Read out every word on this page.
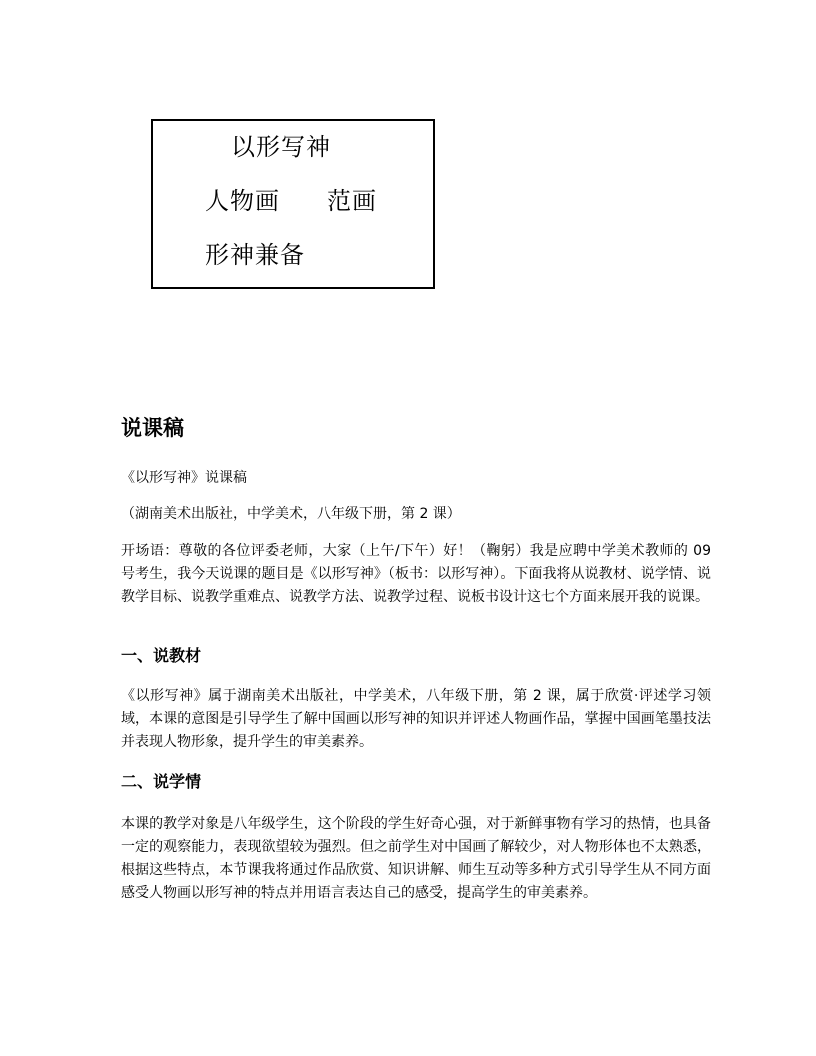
以形写神
人物画 范画
形神兼备
说课稿

《以形写神》说课稿

（湖南美术出版社，中学美术，八年级下册，第 2 课）

开场语：尊敬的各位评委老师，大家（上午/下午）好！（鞠躬）我是应聘中学美术教师的 09 号考生，我今天说课的题目是《以形写神》（板书：以形写神）。下面我将从说教材、说学情、说教学目标、说教学重难点、说教学方法、说教学过程、说板书设计这七个方面来展开我的说课。

一、说教材

《以形写神》属于湖南美术出版社，中学美术，八年级下册，第 2 课，属于欣赏·评述学习领域，本课的意图是引导学生了解中国画以形写神的知识并评述人物画作品，掌握中国画笔墨技法并表现人物形象，提升学生的审美素养。

二、说学情

本课的教学对象是八年级学生，这个阶段的学生好奇心强，对于新鲜事物有学习的热情，也具备一定的观察能力，表现欲望较为强烈。但之前学生对中国画了解较少，对人物形体也不太熟悉，根据这些特点，本节课我将通过作品欣赏、知识讲解、师生互动等多种方式引导学生从不同方面感受人物画以形写神的特点并用语言表达自己的感受，提高学生的审美素养。
